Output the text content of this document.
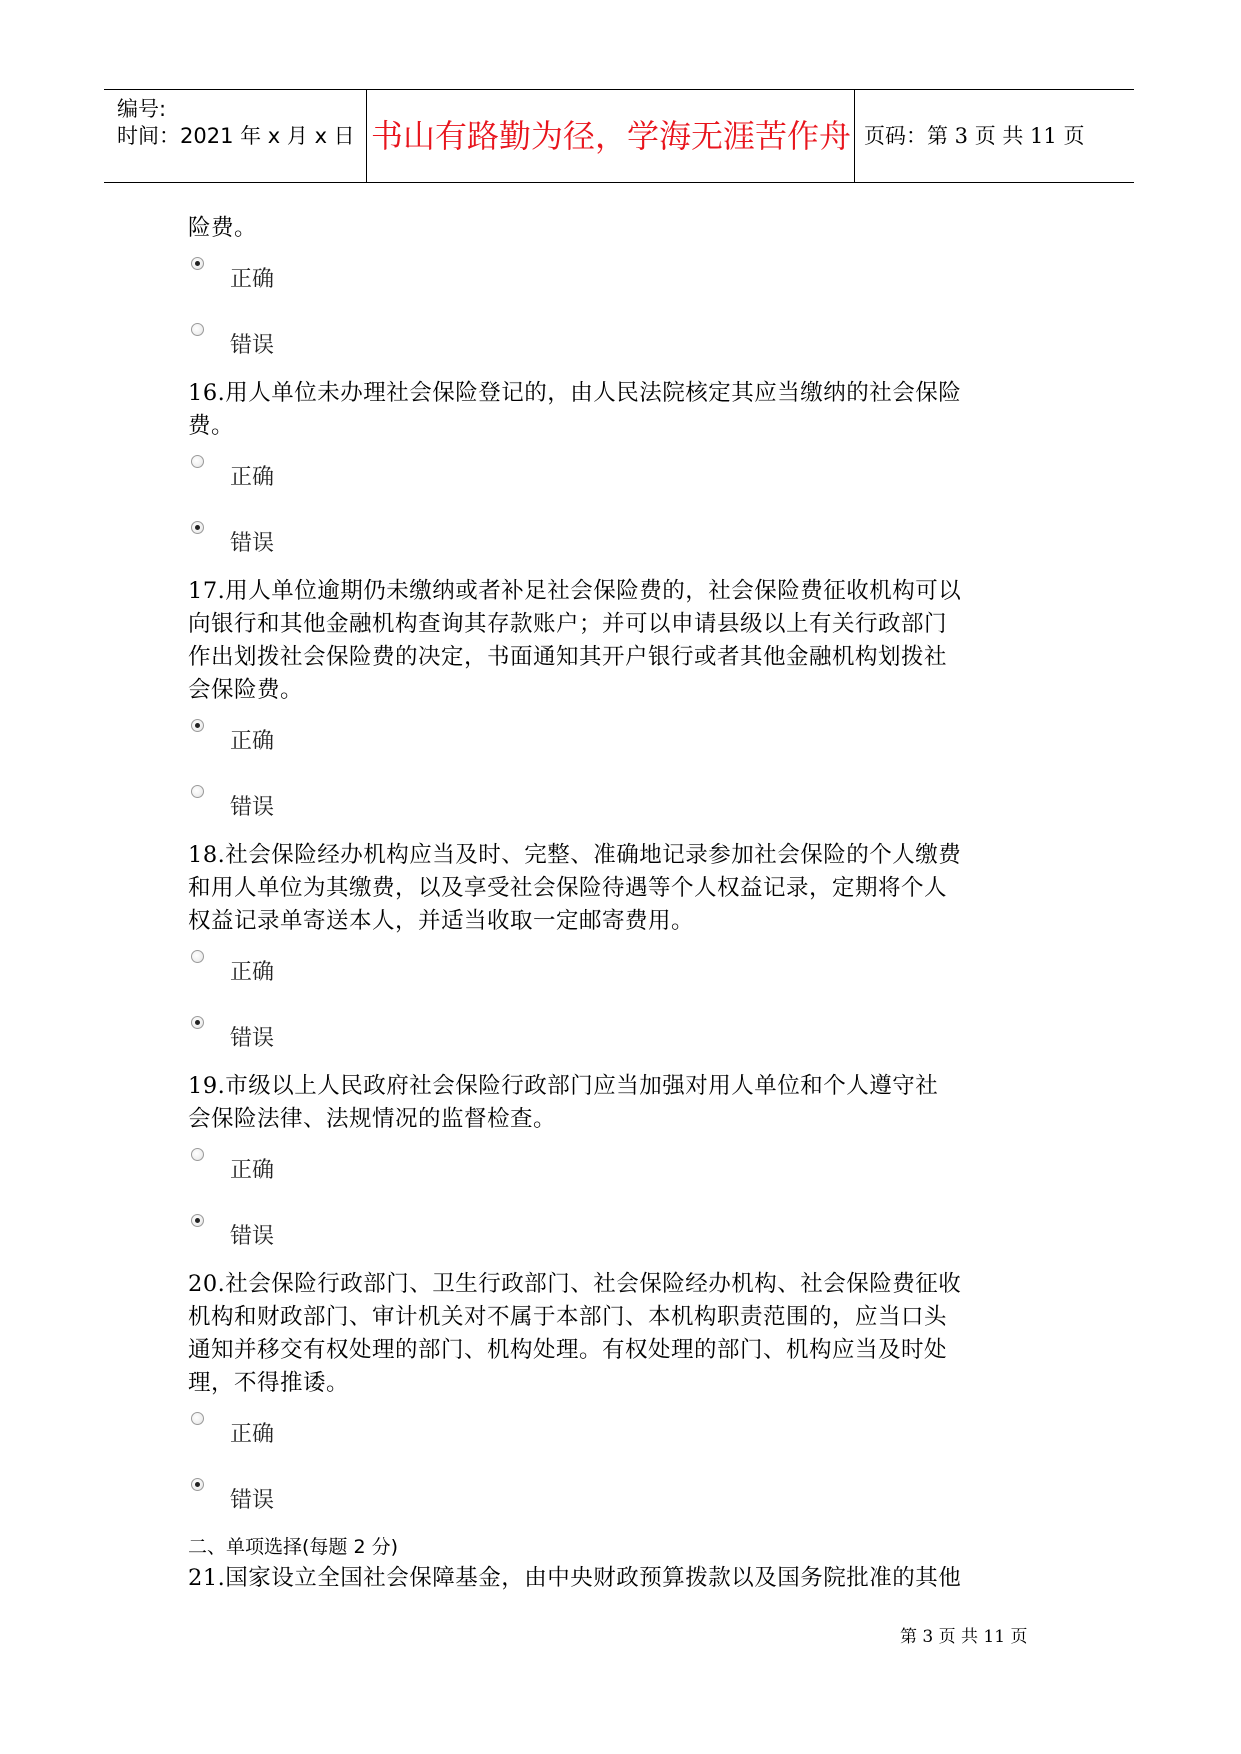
编号:
时间：2021 年 x 月 x 日 书山有路勤为径，学海无涯苦作舟 页码：第 3 页 共 11 页

险费。

正确
错误

16.用人单位未办理社会保险登记的，由人民法院核定其应当缴纳的社会保险

费。

正确
错误

17.用人单位逾期仍未缴纳或者补足社会保险费的，社会保险费征收机构可以

向银行和其他金融机构查询其存款账户；并可以申请县级以上有关行政部门

作出划拨社会保险费的决定，书面通知其开户银行或者其他金融机构划拨社

会保险费。

正确
错误

18.社会保险经办机构应当及时、完整、准确地记录参加社会保险的个人缴费

和用人单位为其缴费，以及享受社会保险待遇等个人权益记录，定期将个人

权益记录单寄送本人，并适当收取一定邮寄费用。

正确
错误

19.市级以上人民政府社会保险行政部门应当加强对用人单位和个人遵守社

会保险法律、法规情况的监督检查。

正确
错误

20.社会保险行政部门、卫生行政部门、社会保险经办机构、社会保险费征收

机构和财政部门、审计机关对不属于本部门、本机构职责范围的，应当口头

通知并移交有权处理的部门、机构处理。有权处理的部门、机构应当及时处

理，不得推诿。

正确
错误

二、单项选择(每题 2 分)

21.国家设立全国社会保障基金，由中央财政预算拨款以及国务院批准的其他

第 3 页 共 11 页
